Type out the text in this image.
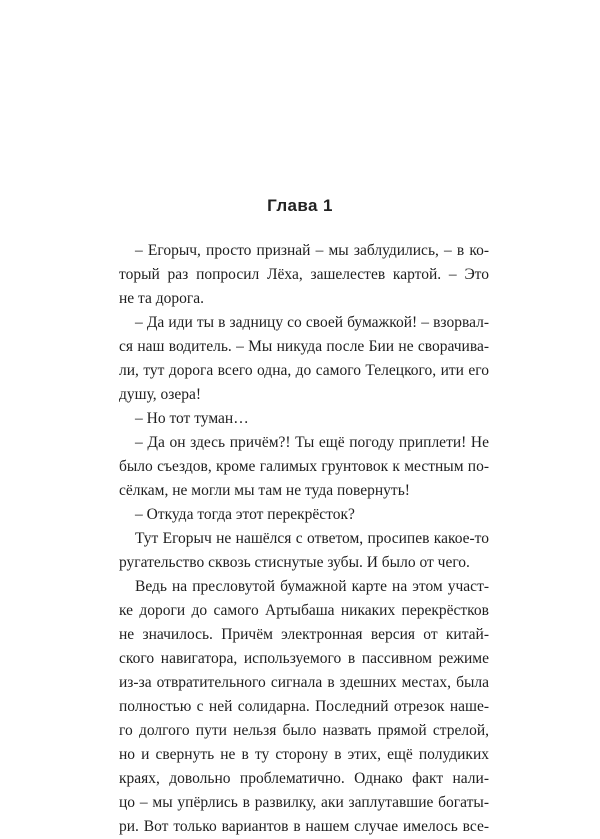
Глава 1
– Егорыч, просто признай – мы заблудились, – в ко-
торый раз попросил Лёха, зашелестев картой. – Это
не та дорога.
– Да иди ты в задницу со своей бумажкой! – взорвал-
ся наш водитель. – Мы никуда после Бии не сворачива-
ли, тут дорога всего одна, до самого Телецкого, ити его
душу, озера!
– Но тот туман…
– Да он здесь причём?! Ты ещё погоду приплети! Не
было съездов, кроме галимых грунтовок к местным по-
сёлкам, не могли мы там не туда повернуть!
– Откуда тогда этот перекрёсток?
Тут Егорыч не нашёлся с ответом, просипев какое-то
ругательство сквозь стиснутые зубы. И было от чего.
Ведь на пресловутой бумажной карте на этом участ-
ке дороги до самого Артыбаша никаких перекрёстков
не значилось. Причём электронная версия от китай-
ского навигатора, используемого в пассивном режиме
из-за отвратительного сигнала в здешних местах, была
полностью с ней солидарна. Последний отрезок наше-
го долгого пути нельзя было назвать прямой стрелой,
но и свернуть не в ту сторону в этих, ещё полудиких
краях, довольно проблематично. Однако факт нали-
цо – мы упёрлись в развилку, аки заплутавшие богаты-
ри. Вот только вариантов в нашем случае имелось все-
